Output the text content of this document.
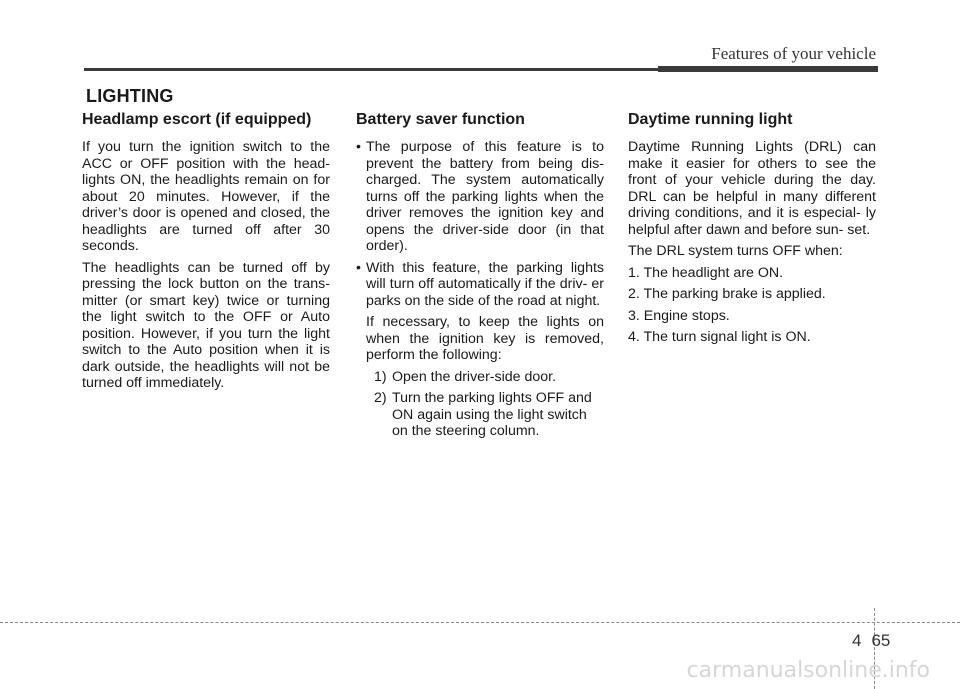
Features of your vehicle
LIGHTING
Headlamp escort (if equipped)

If you turn the ignition switch to the ACC or OFF position with the head- lights ON, the headlights remain on for about 20 minutes. However, if the driver’s door is opened and closed, the headlights are turned off after 30 seconds.

The headlights can be turned off by pressing the lock button on the trans- mitter (or smart key) twice or turning the light switch to the OFF or Auto position. However, if you turn the light switch to the Auto position when it is dark outside, the headlights will not be turned off immediately.

Battery saver function
• The purpose of this feature is to prevent the battery from being dis- charged. The system automatically turns off the parking lights when the driver removes the ignition key and opens the driver-side door (in that order).
• With this feature, the parking lights will turn off automatically if the driv- er parks on the side of the road at night.

If necessary, to keep the lights on when the ignition key is removed, perform the following:

1) Open the driver-side door.
2) Turn the parking lights OFF and ON again using the light switch on the steering column.
Daytime running light

Daytime Running Lights (DRL) can make it easier for others to see the front of your vehicle during the day. DRL can be helpful in many different driving conditions, and it is especial- ly helpful after dawn and before sun- set.

The DRL system turns OFF when:

1. The headlight are ON.

2. The parking brake is applied.

3. Engine stops.

4. The turn signal light is ON.

4 65
carmanualsonline.info
